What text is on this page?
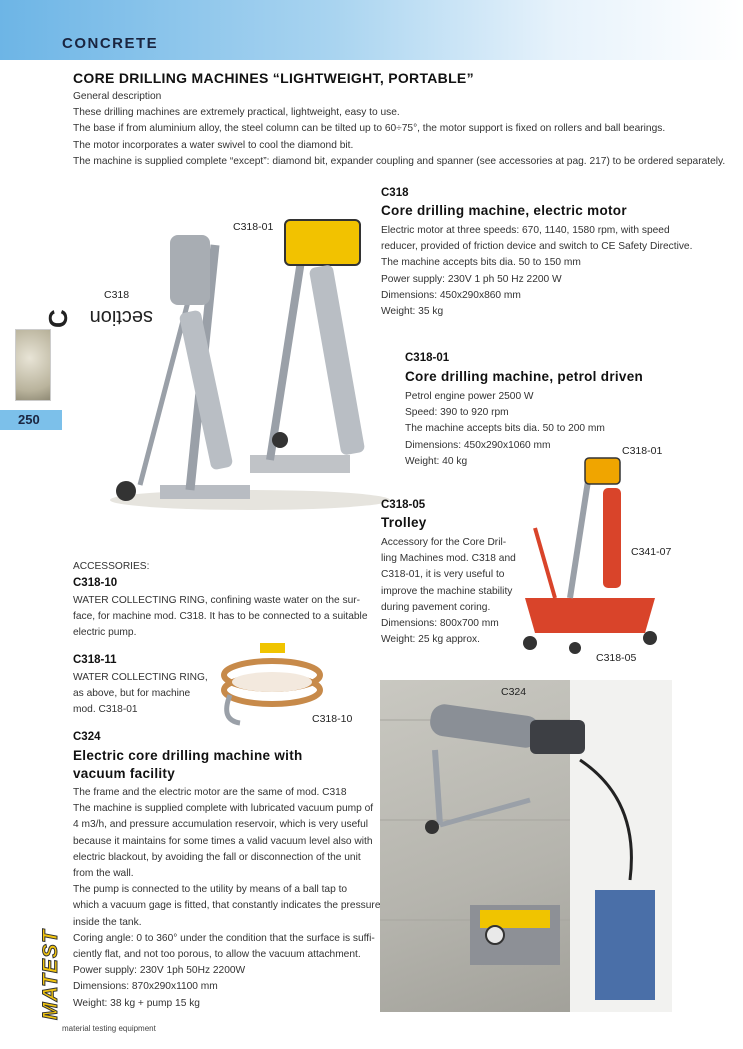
CONCRETE
CORE DRILLING MACHINES “LIGHTWEIGHT, PORTABLE”
General description
These drilling machines are extremely practical, lightweight, easy to use.
The base if from aluminium alloy, the steel column can be tilted up to 60÷75°, the motor support is fixed on rollers and ball bearings.
The motor incorporates a water swivel to cool the diamond bit.
The machine is supplied complete “except”: diamond bit, expander coupling and spanner (see accessories at pag. 217) to be ordered separately.
section
C
250
C318-01
C318
C318
Core drilling machine, electric motor
Electric motor at three speeds: 670, 1140, 1580 rpm, with speed
reducer, provided of friction device and switch to CE Safety Directive.
The machine accepts bits dia. 50 to 150 mm
Power supply: 230V 1 ph 50 Hz 2200 W
Dimensions: 450x290x860 mm
Weight: 35 kg
C318-01
Core drilling machine, petrol driven
Petrol engine power 2500 W
Speed: 390 to 920 rpm
The machine accepts bits dia. 50 to 200 mm
Dimensions: 450x290x1060 mm
Weight: 40 kg
C318-01
C341-07
C318-05
C318-05
Trolley
Accessory for the Core Dril-
ling Machines mod. C318 and
C318-01, it is very useful to
improve the machine stability
during pavement coring.
Dimensions: 800x700 mm
Weight: 25 kg approx.
ACCESSORIES:
C318-10
WATER COLLECTING RING, confining waste water on the sur-
face, for machine mod. C318. It has to be connected to a suitable
electric pump.
C318-11
WATER COLLECTING RING,
as above, but for machine
mod. C318-01
C318-10
C324
Electric core drilling machine with
vacuum facility
The frame and the electric motor are the same of mod. C318
The machine is supplied complete with lubricated vacuum pump of
4 m3/h, and pressure accumulation reservoir, which is very useful
because it maintains for some times a valid vacuum level also with
electric blackout, by avoiding the fall or disconnection of the unit
from the wall.
The pump is connected to the utility by means of a ball tap to
which a vacuum gage is fitted, that constantly indicates the pressure
inside the tank.
Coring angle: 0 to 360° under the condition that the surface is suffi-
ciently flat, and not too porous, to allow the vacuum attachment.
Power supply: 230V 1ph 50Hz 2200W
Dimensions: 870x290x1100 mm
Weight: 38 kg + pump 15 kg
C324
MATEST
material testing equipment
